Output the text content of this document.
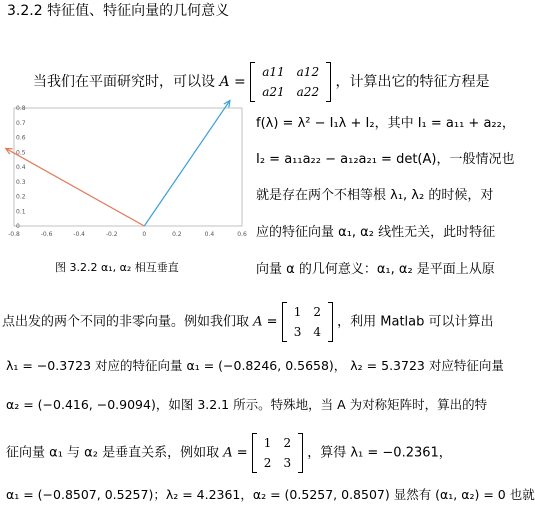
3.2.2 特征值、特征向量的几何意义
当我们在平面研究时，可以设 A =
a11	a12
a21	a22
，计算出它的特征方程是
-0.8	-0.6	-0.4	-0.2	0	0.2	0.4	0.6
0
0.1
0.2
0.3
0.4
0.5
0.6
0.7
0.8
f(λ) = λ² − I₁λ + I₂，其中 I₁ = a₁₁ + a₂₂，
I₂ = a₁₁a₂₂ − a₁₂a₂₁ = det(A)，一般情况也
就是存在两个不相等根 λ₁, λ₂ 的时候，对
应的特征向量 α₁, α₂ 线性无关，此时特征
向量 α 的几何意义：α₁, α₂ 是平面上从原
图 3.2.2 α₁, α₂ 相互垂直
点出发的两个不同的非零向量。例如我们取 A =
1	2
3	4
，利用 Matlab 可以计算出
λ₁ = −0.3723 对应的特征向量 α₁ = (−0.8246, 0.5658)， λ₂ = 5.3723 对应特征向量
α₂ = (−0.416, −0.9094)，如图 3.2.1 所示。特殊地，当 A 为对称矩阵时，算出的特
征向量 α₁ 与 α₂ 是垂直关系，例如取 A =
1	2
2	3
，算得 λ₁ = −0.2361，
α₁ = (−0.8507, 0.5257)；λ₂ = 4.2361，α₂ = (0.5257, 0.8507) 显然有 (α₁, α₂) = 0 也就
